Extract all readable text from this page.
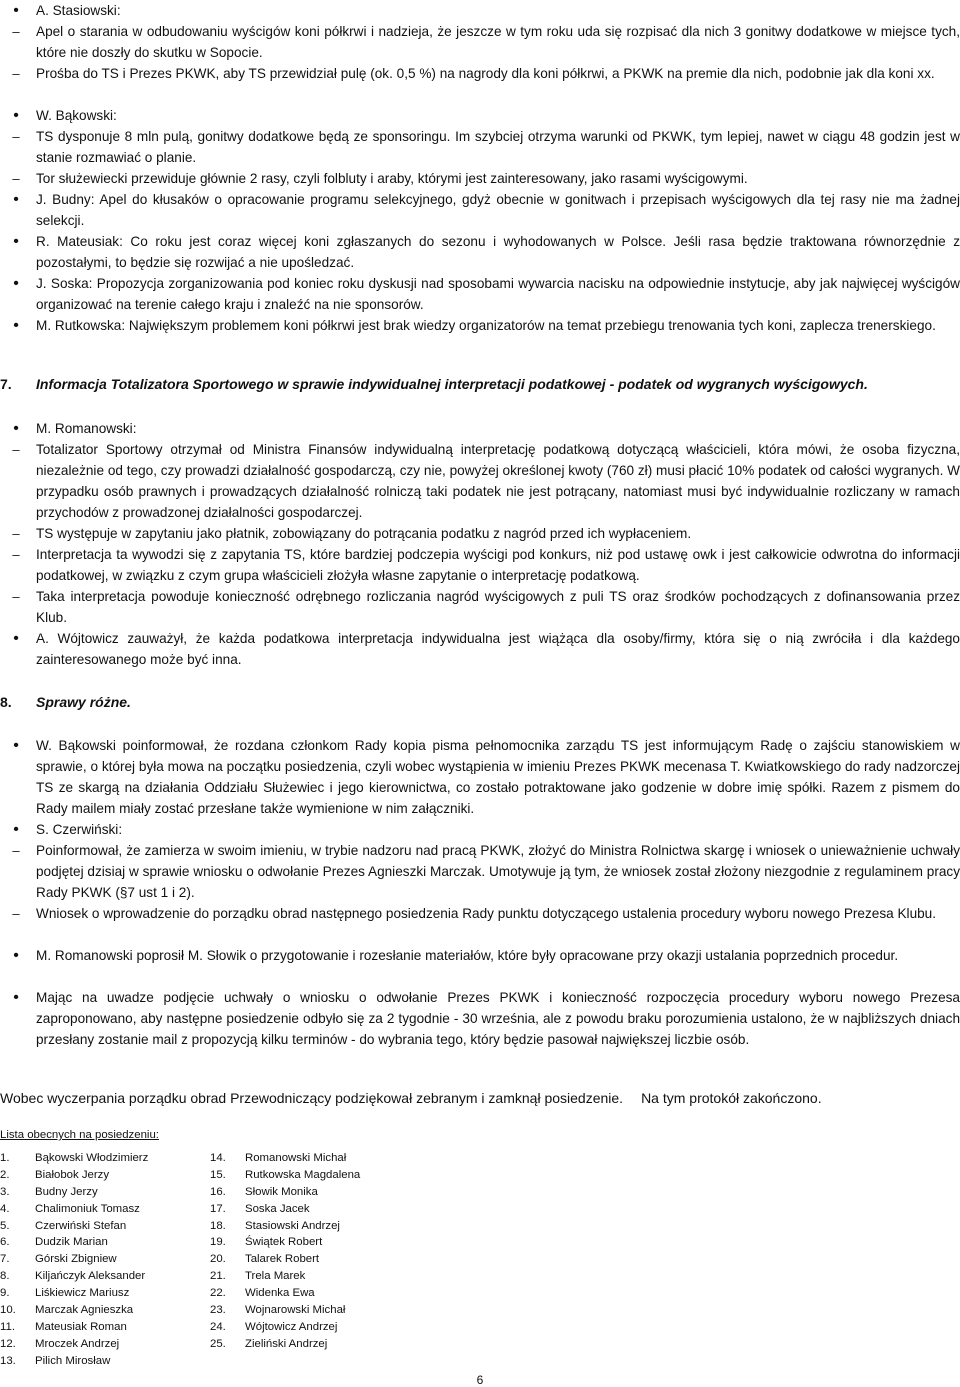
•	A. Stasiowski:

–	Apel o starania w odbudowaniu wyścigów koni półkrwi i nadzieja, że jeszcze w tym roku uda się rozpisać dla nich 3 gonitwy dodatkowe w miejsce tych, które nie doszły do skutku w Sopocie.

–	Prośba do TS i Prezes PKWK, aby TS przewidział pulę (ok. 0,5 %) na nagrody dla koni półkrwi, a PKWK na premie dla nich, podobnie jak dla koni xx.

•	W. Bąkowski:

–	TS dysponuje 8 mln pulą, gonitwy dodatkowe będą ze sponsoringu. Im szybciej otrzyma warunki od PKWK, tym lepiej, nawet w ciągu 48 godzin jest w stanie rozmawiać o planie.

–	Tor służewiecki przewiduje głównie 2 rasy, czyli folbluty i araby, którymi jest zainteresowany, jako rasami wyścigowymi.

•	J. Budny: Apel do kłusaków o opracowanie programu selekcyjnego, gdyż obecnie w gonitwach i przepisach wyścigowych dla tej rasy nie ma żadnej selekcji.

•	R. Mateusiak: Co roku jest coraz więcej koni zgłaszanych do sezonu i wyhodowanych w Polsce. Jeśli rasa będzie traktowana równorzędnie z pozostałymi, to będzie się rozwijać a nie upośledzać.

•	J. Soska: Propozycja zorganizowania pod koniec roku dyskusji nad sposobami wywarcia nacisku na odpowiednie instytucje, aby jak najwięcej wyścigów organizować na terenie całego kraju i znaleźć na nie sponsorów.

•	M. Rutkowska: Największym problemem koni półkrwi jest brak wiedzy organizatorów na temat przebiegu trenowania tych koni, zaplecza trenerskiego.

7. Informacja Totalizatora Sportowego w sprawie indywidualnej interpretacji podatkowej - podatek od wygranych wyścigowych.

•	M. Romanowski:

–	Totalizator Sportowy otrzymał od Ministra Finansów indywidualną interpretację podatkową dotyczącą właścicieli, która mówi, że osoba fizyczna, niezależnie od tego, czy prowadzi działalność gospodarczą, czy nie, powyżej określonej kwoty (760 zł) musi płacić 10% podatek od całości wygranych. W przypadku osób prawnych i prowadzących działalność rolniczą taki podatek nie jest potrącany, natomiast musi być indywidualnie rozliczany w ramach przychodów z prowadzonej działalności gospodarczej.

–	TS występuje w zapytaniu jako płatnik, zobowiązany do potrącania podatku z nagród przed ich wypłaceniem.

–	Interpretacja ta wywodzi się z zapytania TS, które bardziej podczepia wyścigi pod konkurs, niż pod ustawę owk i jest całkowicie odwrotna do informacji podatkowej, w związku z czym grupa właścicieli złożyła własne zapytanie o interpretację podatkową.

–	Taka interpretacja powoduje konieczność odrębnego rozliczania nagród wyścigowych z puli TS oraz środków pochodzących z dofinansowania przez Klub.

•	A. Wójtowicz zauważył, że każda podatkowa interpretacja indywidualna jest wiążąca dla osoby/firmy, która się o nią zwróciła i dla każdego zainteresowanego może być inna.

8. Sprawy różne.

•	W. Bąkowski poinformował, że rozdana członkom Rady kopia pisma pełnomocnika zarządu TS jest informującym Radę o zajściu stanowiskiem w sprawie, o której była mowa na początku posiedzenia, czyli wobec wystąpienia w imieniu Prezes PKWK mecenasa T. Kwiatkowskiego do rady nadzorczej TS ze skargą na działania Oddziału Służewiec i jego kierownictwa, co zostało potraktowane jako godzenie w dobre imię spółki. Razem z pismem do Rady mailem miały zostać przesłane także wymienione w nim załączniki.

•	S. Czerwiński:

–	Poinformował, że zamierza w swoim imieniu, w trybie nadzoru nad pracą PKWK, złożyć do Ministra Rolnictwa skargę i wniosek o unieważnienie uchwały podjętej dzisiaj w sprawie wniosku o odwołanie Prezes Agnieszki Marczak. Umotywuje ją tym, że wniosek został złożony niezgodnie z regulaminem pracy Rady PKWK (§7 ust 1 i 2).

–	Wniosek o wprowadzenie do porządku obrad następnego posiedzenia Rady punktu dotyczącego ustalenia procedury wyboru nowego Prezesa Klubu.

•	M. Romanowski poprosił M. Słowik o przygotowanie i rozesłanie materiałów, które były opracowane przy okazji ustalania poprzednich procedur.

•	Mając na uwadze podjęcie uchwały o wniosku o odwołanie Prezes PKWK i konieczność rozpoczęcia procedury wyboru nowego Prezesa zaproponowano, aby następne posiedzenie odbyło się za 2 tygodnie - 30 września, ale z powodu braku porozumienia ustalono, że w najbliższych dniach przesłany zostanie mail z propozycją kilku terminów - do wybrania tego, który będzie pasował największej liczbie osób.

Wobec wyczerpania porządku obrad Przewodniczący podziękował zebranym i zamknął posiedzenie. Na tym protokół zakończono.
Lista obecnych na posiedzeniu:
1. Bąkowski Włodzimierz
2. Białobok Jerzy
3. Budny Jerzy
4. Chalimoniuk Tomasz
5. Czerwiński Stefan
6. Dudzik Marian
7. Górski Zbigniew
8. Kiljańczyk Aleksander
9. Liśkiewicz Mariusz
10. Marczak Agnieszka
11. Mateusiak Roman
12. Mroczek Andrzej
13. Pilich Mirosław
14. Romanowski Michał
15. Rutkowska Magdalena
16. Słowik Monika
17. Soska Jacek
18. Stasiowski Andrzej
19. Świątek Robert
20. Talarek Robert
21. Trela Marek
22. Widenka Ewa
23. Wojnarowski Michał
24. Wójtowicz Andrzej
25. Zieliński Andrzej
6
